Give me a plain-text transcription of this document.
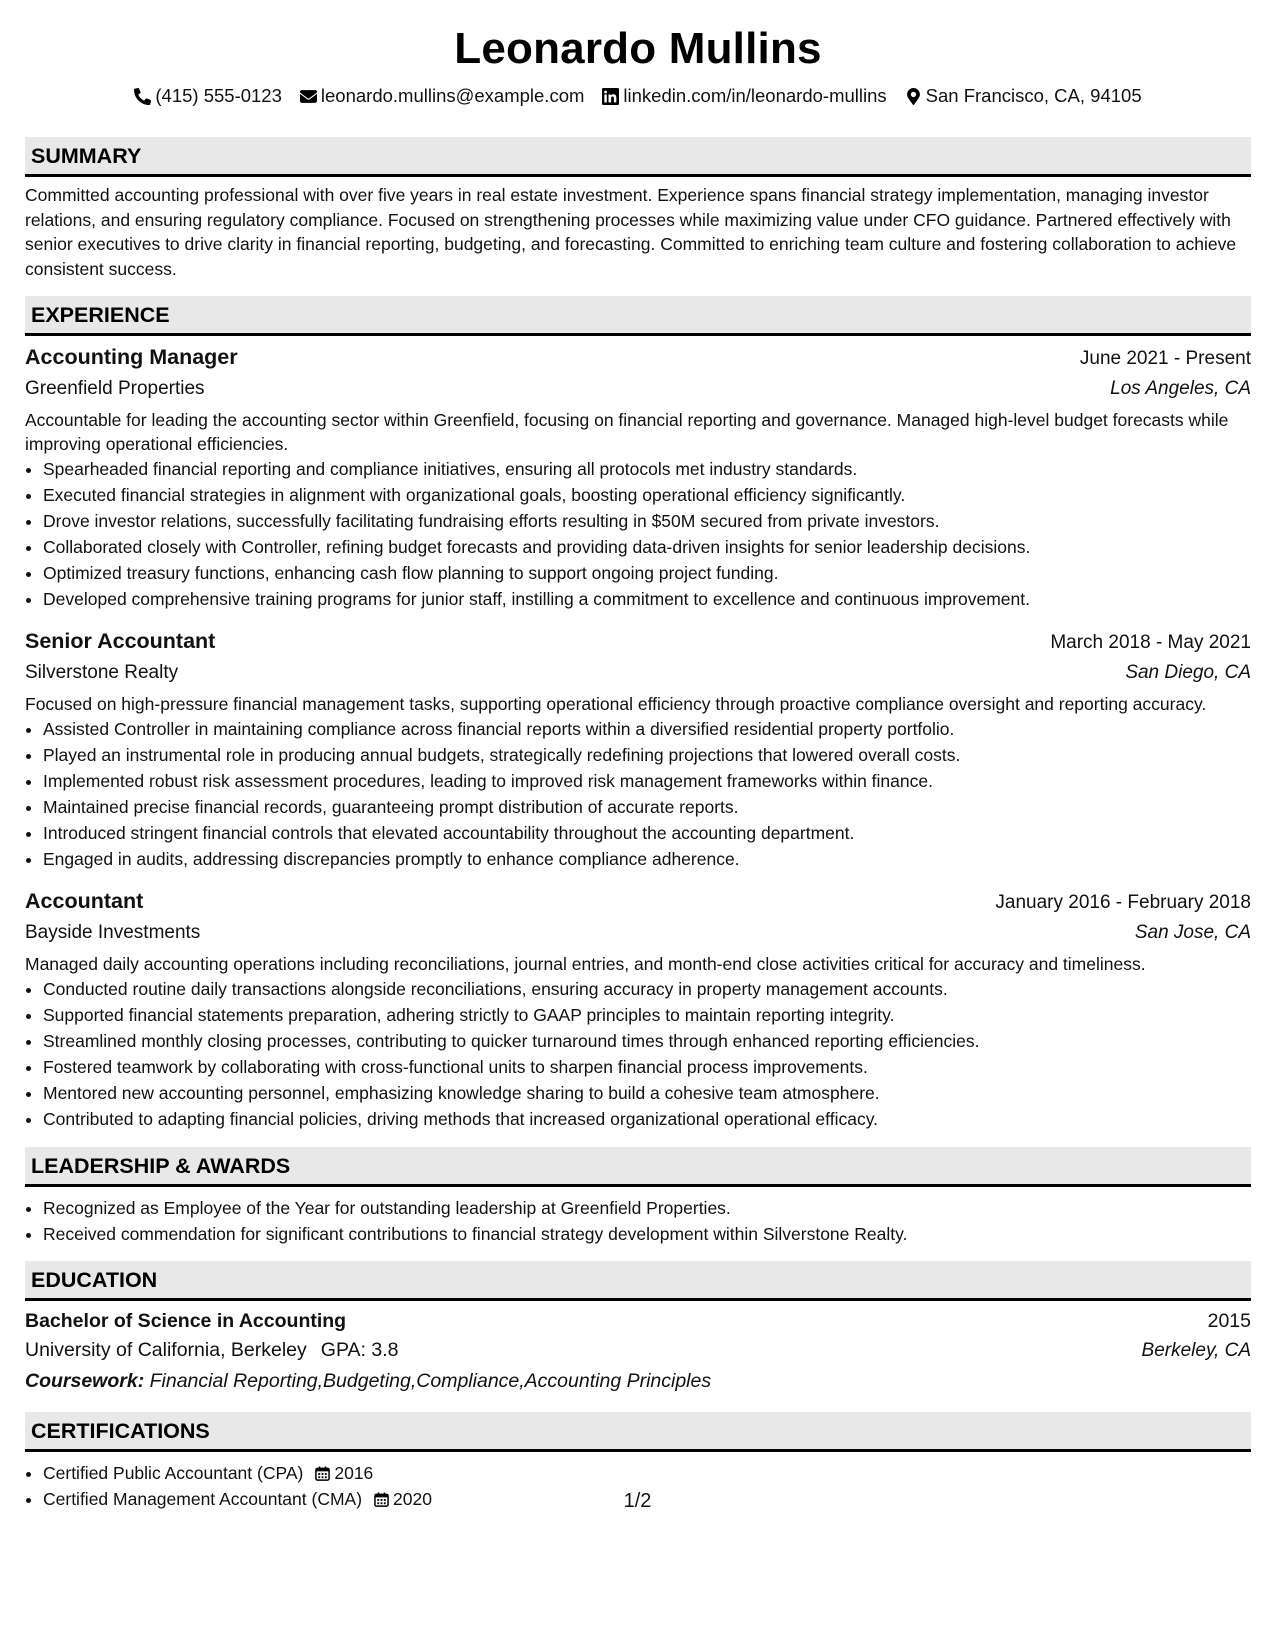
Leonardo Mullins
(415) 555-0123 leonardo.mullins@example.com linkedin.com/in/leonardo-mullins San Francisco, CA, 94105
SUMMARY

Committed accounting professional with over five years in real estate investment. Experience spans financial strategy implementation, managing investor relations, and ensuring regulatory compliance. Focused on strengthening processes while maximizing value under CFO guidance. Partnered effectively with senior executives to drive clarity in financial reporting, budgeting, and forecasting. Committed to enriching team culture and fostering collaboration to achieve consistent success.

EXPERIENCE
Accounting Manager	June 2021 - Present
Greenfield Properties	Los Angeles, CA
Accountable for leading the accounting sector within Greenfield, focusing on financial reporting and governance. Managed high-level budget forecasts while improving operational efficiencies.
• Spearheaded financial reporting and compliance initiatives, ensuring all protocols met industry standards.
• Executed financial strategies in alignment with organizational goals, boosting operational efficiency significantly.
• Drove investor relations, successfully facilitating fundraising efforts resulting in $50M secured from private investors.
• Collaborated closely with Controller, refining budget forecasts and providing data-driven insights for senior leadership decisions.
• Optimized treasury functions, enhancing cash flow planning to support ongoing project funding.
• Developed comprehensive training programs for junior staff, instilling a commitment to excellence and continuous improvement.
Senior Accountant	March 2018 - May 2021
Silverstone Realty	San Diego, CA
Focused on high-pressure financial management tasks, supporting operational efficiency through proactive compliance oversight and reporting accuracy.
• Assisted Controller in maintaining compliance across financial reports within a diversified residential property portfolio.
• Played an instrumental role in producing annual budgets, strategically redefining projections that lowered overall costs.
• Implemented robust risk assessment procedures, leading to improved risk management frameworks within finance.
• Maintained precise financial records, guaranteeing prompt distribution of accurate reports.
• Introduced stringent financial controls that elevated accountability throughout the accounting department.
• Engaged in audits, addressing discrepancies promptly to enhance compliance adherence.
Accountant	January 2016 - February 2018
Bayside Investments	San Jose, CA
Managed daily accounting operations including reconciliations, journal entries, and month-end close activities critical for accuracy and timeliness.
• Conducted routine daily transactions alongside reconciliations, ensuring accuracy in property management accounts.
• Supported financial statements preparation, adhering strictly to GAAP principles to maintain reporting integrity.
• Streamlined monthly closing processes, contributing to quicker turnaround times through enhanced reporting efficiencies.
• Fostered teamwork by collaborating with cross-functional units to sharpen financial process improvements.
• Mentored new accounting personnel, emphasizing knowledge sharing to build a cohesive team atmosphere.
• Contributed to adapting financial policies, driving methods that increased organizational operational efficacy.
LEADERSHIP & AWARDS
• Recognized as Employee of the Year for outstanding leadership at Greenfield Properties.
• Received commendation for significant contributions to financial strategy development within Silverstone Realty.
EDUCATION
Bachelor of Science in Accounting	2015
University of California, Berkeley GPA: 3.8	Berkeley, CA
Coursework: Financial Reporting,Budgeting,Compliance,Accounting Principles
CERTIFICATIONS
• Certified Public Accountant (CPA) 2016
• Certified Management Accountant (CMA) 2020	1/2
